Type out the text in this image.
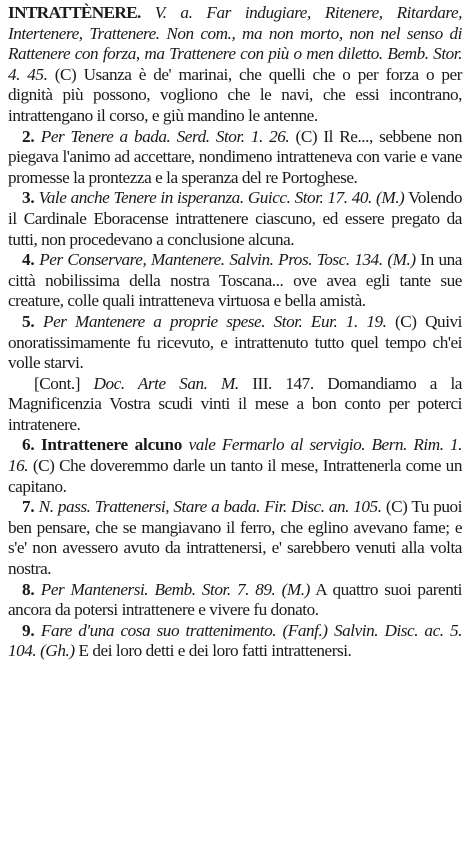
INTRATTÈNERE. V. a. Far indugiare, Ritenere, Ritardare, Intertenere, Trattenere. Non com., ma non morto, non nel senso di Rattenere con forza, ma Trattenere con più o men diletto. Bemb. Stor. 4. 45. (C) Usanza è de' marinai, che quelli che o per forza o per dignità più possono, vogliono che le navi, che essi incontrano, intrattengano il corso, e giù mandino le antenne.

2. Per Tenere a bada. Serd. Stor. 1. 26. (C) Il Re..., sebbene non piegava l'animo ad accettare, nondimeno intratteneva con varie e vane promesse la prontezza e la speranza del re Portoghese.

3. Vale anche Tenere in isperanza. Guicc. Stor. 17. 40. (M.) Volendo il Cardinale Eboracense intrattenere ciascuno, ed essere pregato da tutti, non procedevano a conclusione alcuna.

4. Per Conservare, Mantenere. Salvin. Pros. Tosc. 134. (M.) In una città nobilissima della nostra Toscana... ove avea egli tante sue creature, colle quali intratteneva virtuosa e bella amistà.

5. Per Mantenere a proprie spese. Stor. Eur. 1. 19. (C) Quivi onoratissimamente fu ricevuto, e intrattenuto tutto quel tempo ch'ei volle starvi.

[Cont.] Doc. Arte San. M. III. 147. Domandiamo a la Magnificenzia Vostra scudi vinti il mese a bon conto per poterci intratenere.

6. Intrattenere alcuno vale Fermarlo al servigio. Bern. Rim. 1. 16. (C) Che doveremmo darle un tanto il mese, Intrattenerla come un capitano.

7. N. pass. Trattenersi, Stare a bada. Fir. Disc. an. 105. (C) Tu puoi ben pensare, che se mangiavano il ferro, che eglino avevano fame; e s'e' non avessero avuto da intrattenersi, e' sarebbero venuti alla volta nostra.

8. Per Mantenersi. Bemb. Stor. 7. 89. (M.) A quattro suoi parenti ancora da potersi intrattenere e vivere fu donato.

9. Fare d'una cosa suo trattenimento. (Fanf.) Salvin. Disc. ac. 5. 104. (Gh.) E dei loro detti e dei loro fatti intrattenersi.
